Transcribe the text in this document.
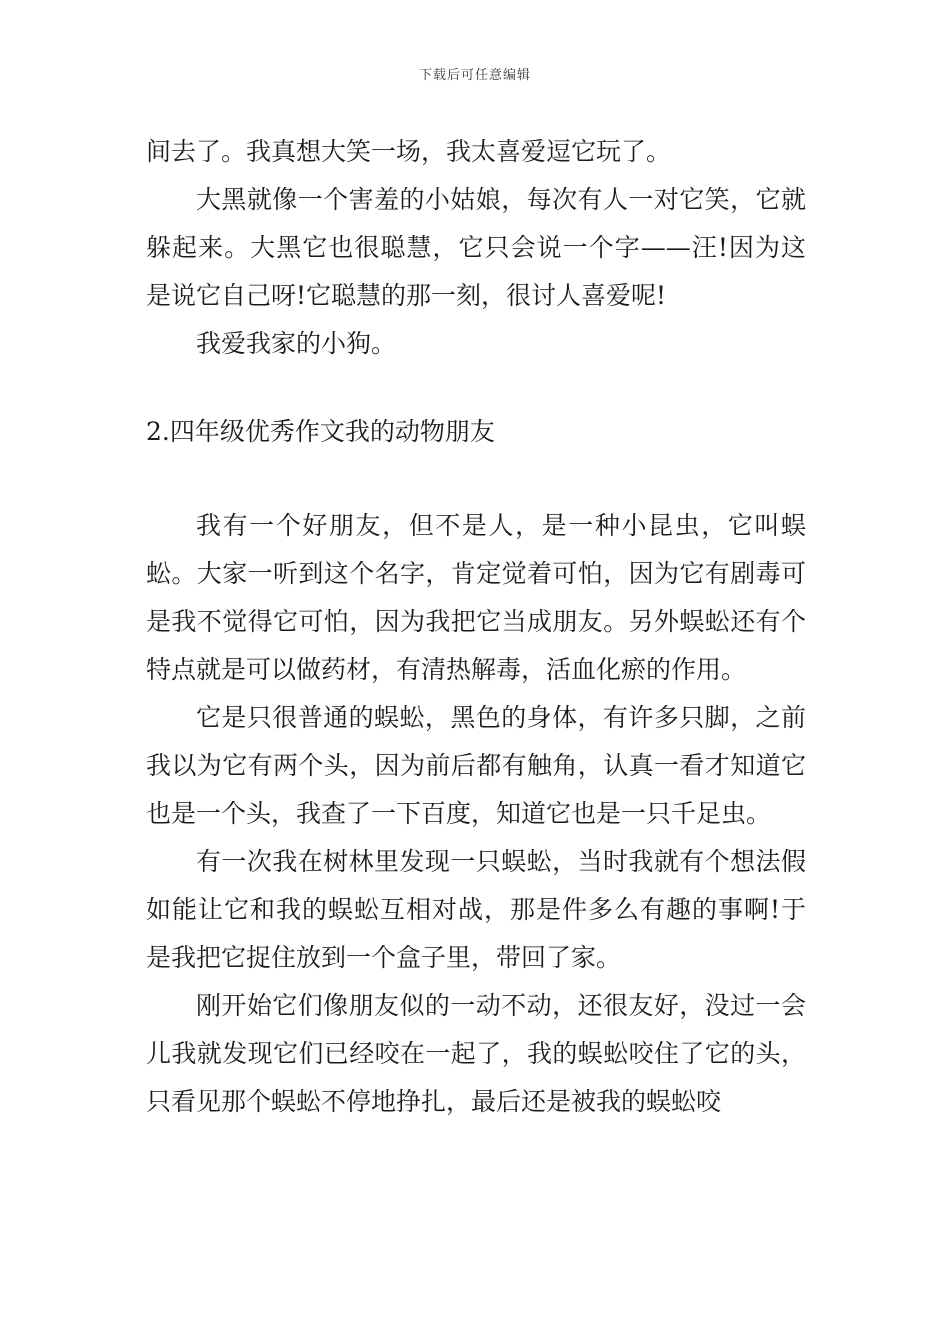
下载后可任意编辑

间去了。我真想大笑一场，我太喜爱逗它玩了。

大黑就像一个害羞的小姑娘，每次有人一对它笑，它就躲起来。大黑它也很聪慧，它只会说一个字——汪!因为这是说它自己呀!它聪慧的那一刻，很讨人喜爱呢!

我爱我家的小狗。

2.四年级优秀作文我的动物朋友

我有一个好朋友，但不是人，是一种小昆虫，它叫蜈蚣。大家一听到这个名字，肯定觉着可怕，因为它有剧毒可是我不觉得它可怕，因为我把它当成朋友。另外蜈蚣还有个特点就是可以做药材，有清热解毒，活血化瘀的作用。

它是只很普通的蜈蚣，黑色的身体，有许多只脚，之前我以为它有两个头，因为前后都有触角，认真一看才知道它也是一个头，我查了一下百度，知道它也是一只千足虫。

有一次我在树林里发现一只蜈蚣，当时我就有个想法假如能让它和我的蜈蚣互相对战，那是件多么有趣的事啊!于是我把它捉住放到一个盒子里，带回了家。

刚开始它们像朋友似的一动不动，还很友好，没过一会儿我就发现它们已经咬在一起了，我的蜈蚣咬住了它的头，只看见那个蜈蚣不停地挣扎，最后还是被我的蜈蚣咬
